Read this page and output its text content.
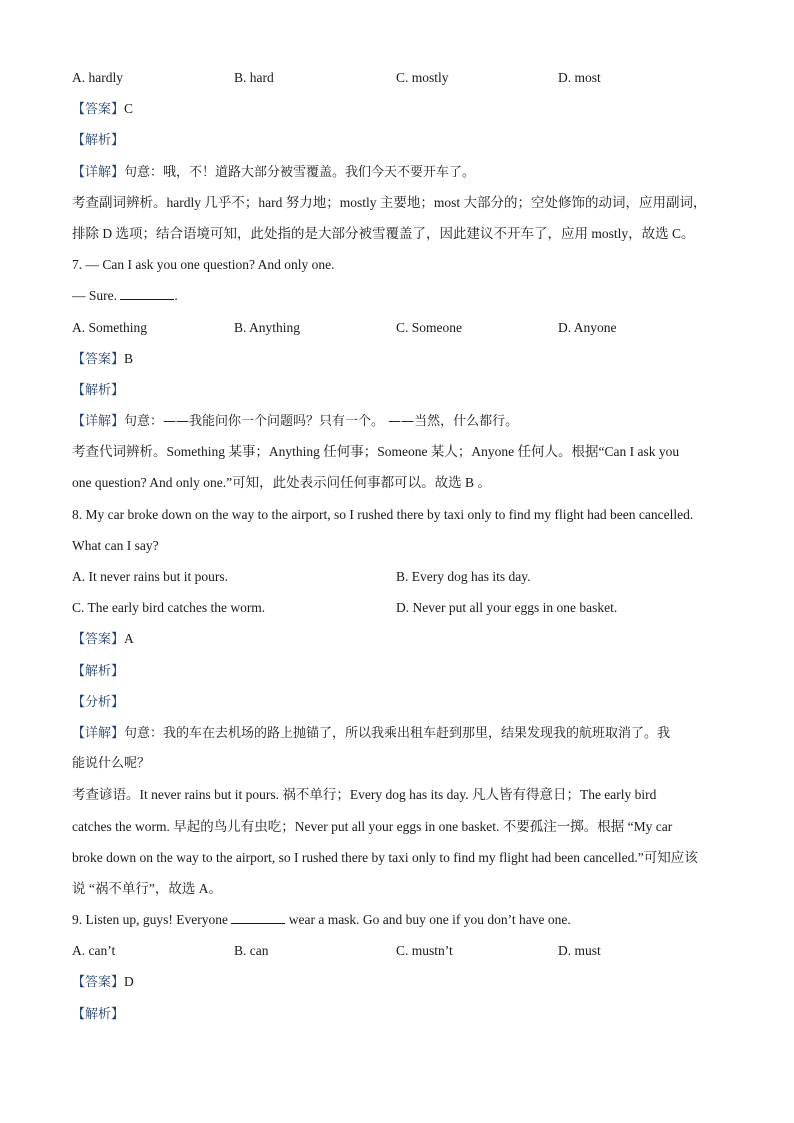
A. hardly	B. hard	C. mostly	D. most
【答案】C
【解析】
【详解】句意：哦，不！道路大部分被雪覆盖。我们今天不要开车了。
考查副词辨析。hardly 几乎不；hard 努力地；mostly 主要地；most 大部分的；空处修饰的动词，应用副词，
排除 D 选项；结合语境可知，此处指的是大部分被雪覆盖了，因此建议不开车了，应用 mostly，故选 C。
7. — Can I ask you one question? And only one.
— Sure.	.
A. Something	B. Anything	C. Someone	D. Anyone
【答案】B
【解析】
【详解】句意：——我能问你一个问题吗？只有一个。 ——当然，什么都行。
考查代词辨析。Something 某事；Anything 任何事；Someone 某人；Anyone 任何人。根据“Can I ask you
one question? And only one.”可知，此处表示问任何事都可以。故选 B 。
8. My car broke down on the way to the airport, so I rushed there by taxi only to find my flight had been cancelled.
What can I say?
A. It never rains but it pours.	B. Every dog has its day.
C. The early bird catches the worm.	D. Never put all your eggs in one basket.
【答案】A
【解析】
【分析】
【详解】句意：我的车在去机场的路上抛锚了，所以我乘出租车赶到那里，结果发现我的航班取消了。我
能说什么呢？
考查谚语。It never rains but it pours. 祸不单行；Every dog has its day. 凡人皆有得意日；The early bird
catches the worm. 早起的鸟儿有虫吃；Never put all your eggs in one basket. 不要孤注一掷。根据 “My car
broke down on the way to the airport, so I rushed there by taxi only to find my flight had been cancelled.”可知应该
说 “祸不单行”，故选 A。
9. Listen up, guys! Everyone	wear a mask. Go and buy one if you don’t have one.
A. can’t	B. can	C. mustn’t	D. must
【答案】D
【解析】
